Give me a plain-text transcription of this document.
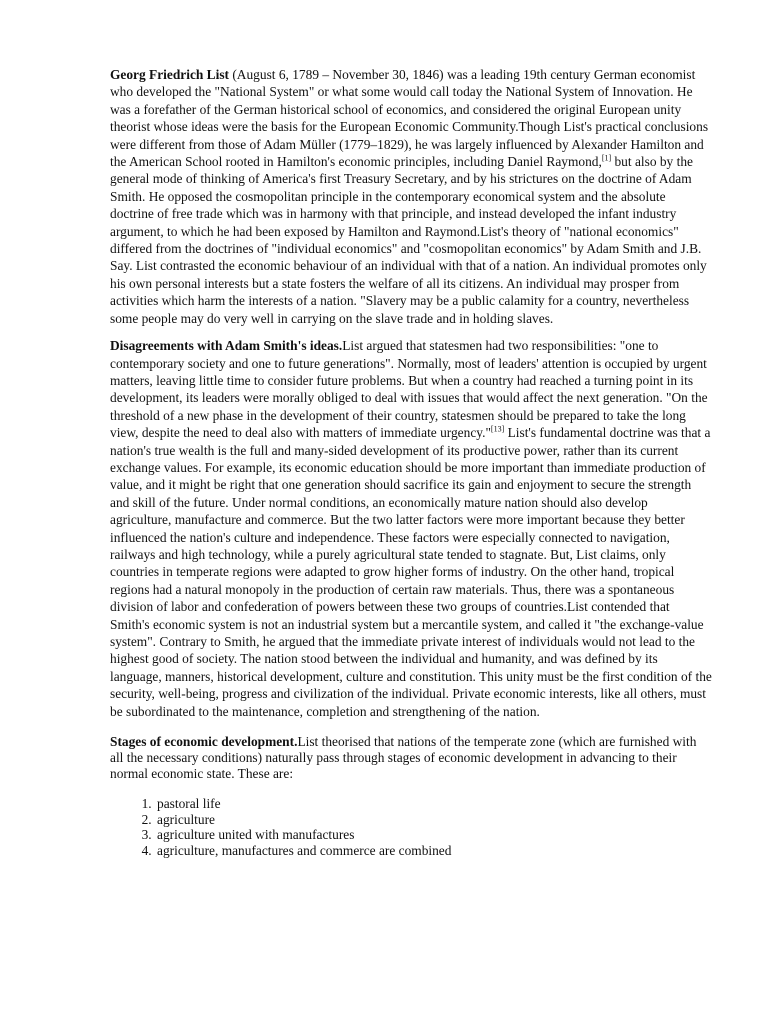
Georg Friedrich List (August 6, 1789 – November 30, 1846) was a leading 19th century German economist who developed the "National System" or what some would call today the National System of Innovation. He was a forefather of the German historical school of economics, and considered the original European unity theorist whose ideas were the basis for the European Economic Community.Though List's practical conclusions were different from those of Adam Müller (1779–1829), he was largely influenced by Alexander Hamilton and the American School rooted in Hamilton's economic principles, including Daniel Raymond,[1] but also by the general mode of thinking of America's first Treasury Secretary, and by his strictures on the doctrine of Adam Smith. He opposed the cosmopolitan principle in the contemporary economical system and the absolute doctrine of free trade which was in harmony with that principle, and instead developed the infant industry argument, to which he had been exposed by Hamilton and Raymond.List's theory of "national economics" differed from the doctrines of "individual economics" and "cosmopolitan economics" by Adam Smith and J.B. Say. List contrasted the economic behaviour of an individual with that of a nation. An individual promotes only his own personal interests but a state fosters the welfare of all its citizens. An individual may prosper from activities which harm the interests of a nation. "Slavery may be a public calamity for a country, nevertheless some people may do very well in carrying on the slave trade and in holding slaves.

Disagreements with Adam Smith's ideas.List argued that statesmen had two responsibilities: "one to contemporary society and one to future generations". Normally, most of leaders' attention is occupied by urgent matters, leaving little time to consider future problems. But when a country had reached a turning point in its development, its leaders were morally obliged to deal with issues that would affect the next generation. "On the threshold of a new phase in the development of their country, statesmen should be prepared to take the long view, despite the need to deal also with matters of immediate urgency."[13] List's fundamental doctrine was that a nation's true wealth is the full and many-sided development of its productive power, rather than its current exchange values. For example, its economic education should be more important than immediate production of value, and it might be right that one generation should sacrifice its gain and enjoyment to secure the strength and skill of the future. Under normal conditions, an economically mature nation should also develop agriculture, manufacture and commerce. But the two latter factors were more important because they better influenced the nation's culture and independence. These factors were especially connected to navigation, railways and high technology, while a purely agricultural state tended to stagnate. But, List claims, only countries in temperate regions were adapted to grow higher forms of industry. On the other hand, tropical regions had a natural monopoly in the production of certain raw materials. Thus, there was a spontaneous division of labor and confederation of powers between these two groups of countries.List contended that Smith's economic system is not an industrial system but a mercantile system, and called it "the exchange-value system". Contrary to Smith, he argued that the immediate private interest of individuals would not lead to the highest good of society. The nation stood between the individual and humanity, and was defined by its language, manners, historical development, culture and constitution. This unity must be the first condition of the security, well-being, progress and civilization of the individual. Private economic interests, like all others, must be subordinated to the maintenance, completion and strengthening of the nation.

Stages of economic development.List theorised that nations of the temperate zone (which are furnished with all the necessary conditions) naturally pass through stages of economic development in advancing to their normal economic state. These are:

1. pastoral life
2. agriculture
3. agriculture united with manufactures
4. agriculture, manufactures and commerce are combined
